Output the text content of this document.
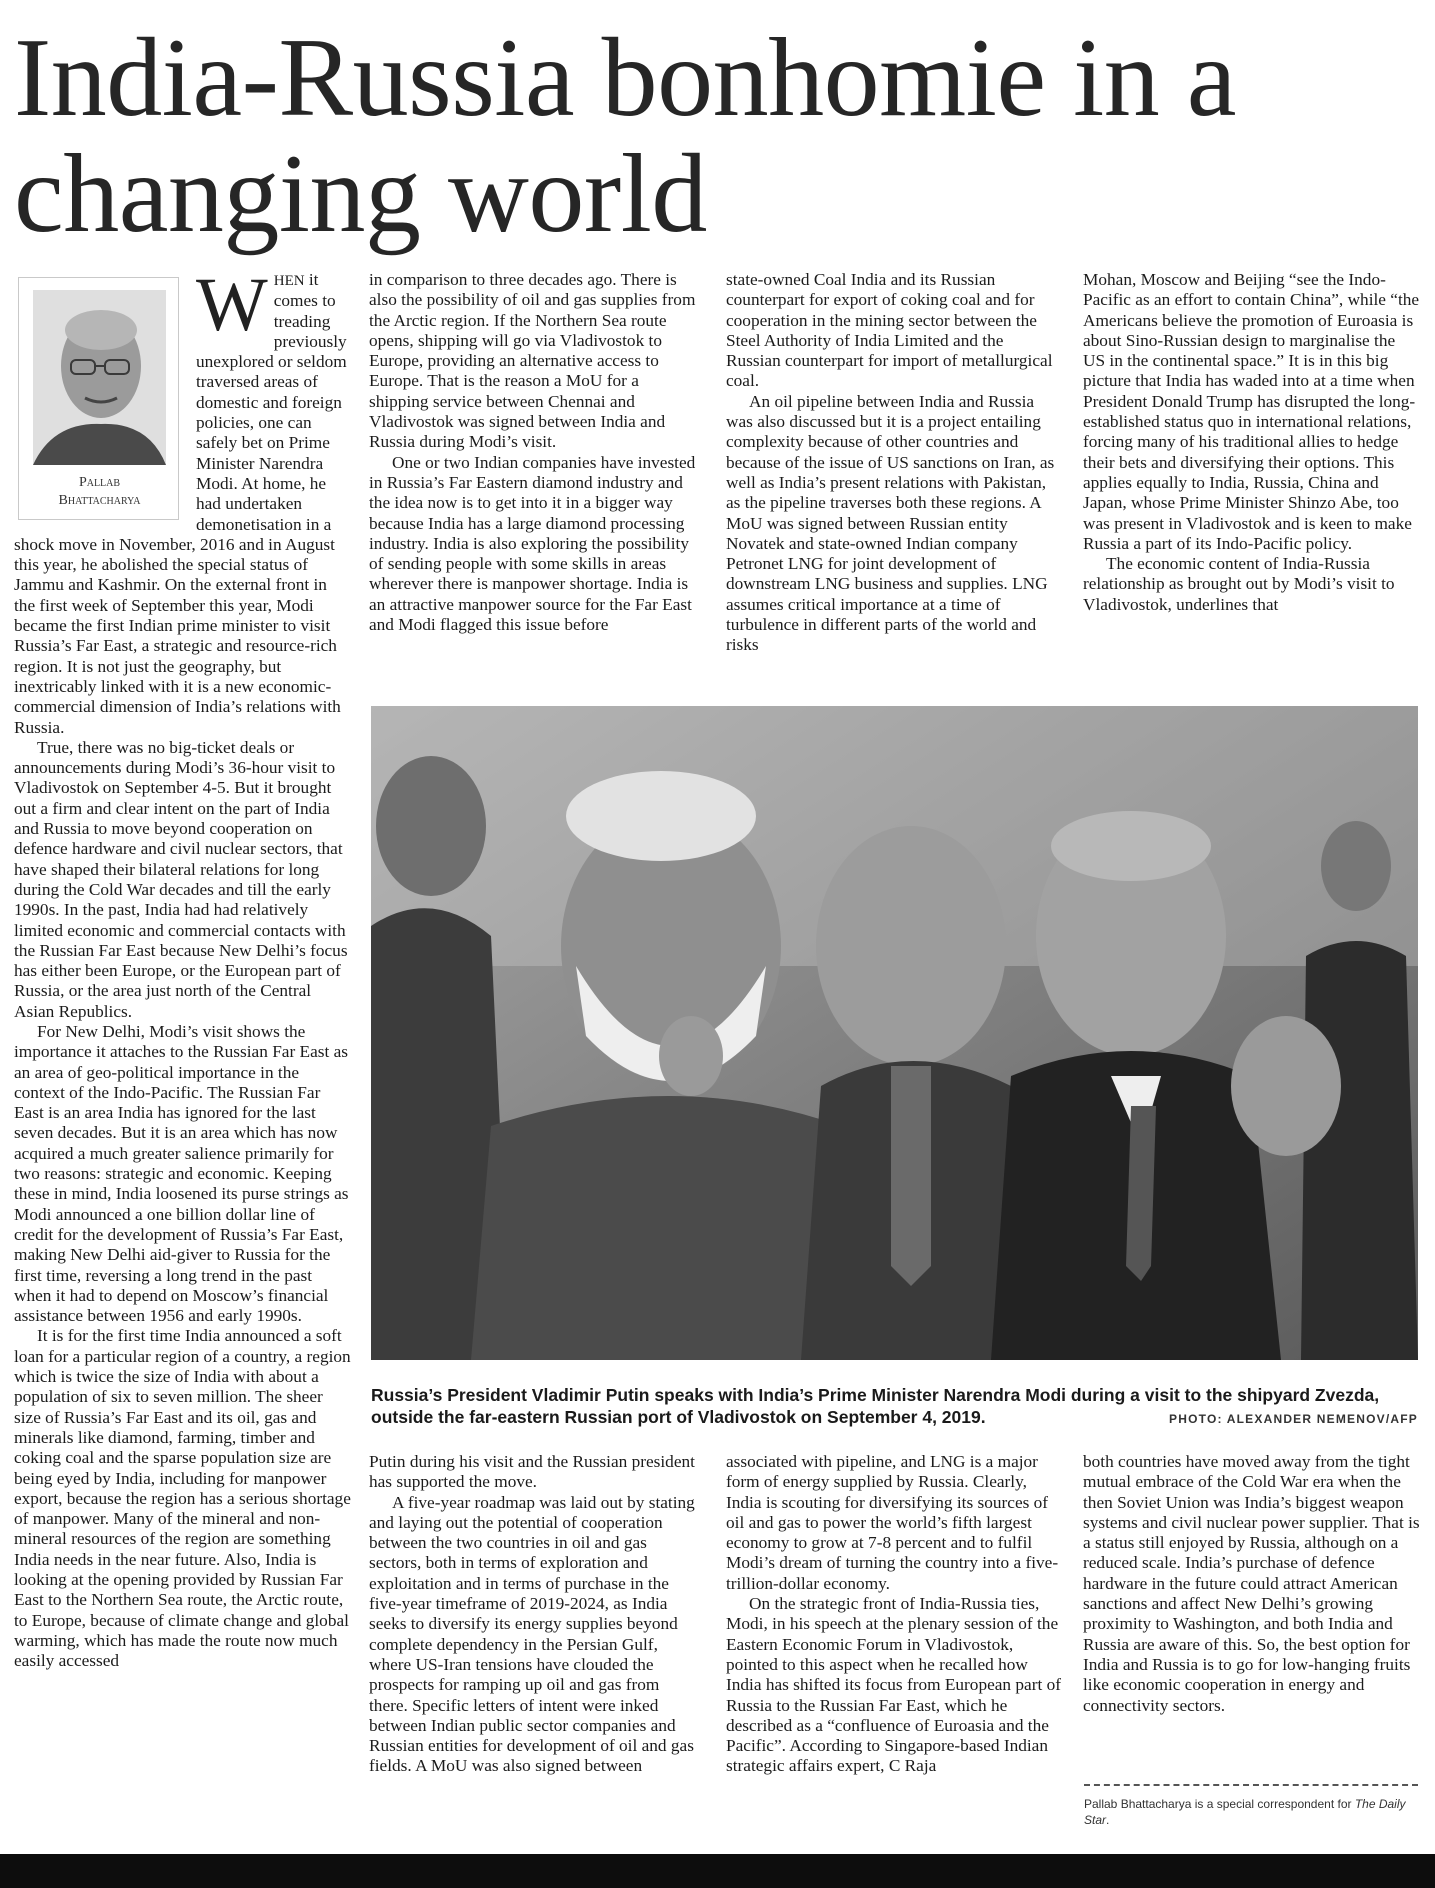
India-Russia bonhomie in a changing world
Pallab
Bhattacharya

WHEN it comes to treading previously unexplored or seldom traversed areas of domestic and foreign policies, one can safely bet on Prime Minister Narendra Modi. At home, he had undertaken demonetisation in a shock move in November, 2016 and in August this year, he abolished the special status of Jammu and Kashmir. On the external front in the first week of September this year, Modi became the first Indian prime minister to visit Russia’s Far East, a strategic and resource-rich region. It is not just the geography, but inextricably linked with it is a new economic-commercial dimension of India’s relations with Russia.

True, there was no big-ticket deals or announcements during Modi’s 36-hour visit to Vladivostok on September 4-5. But it brought out a firm and clear intent on the part of India and Russia to move beyond cooperation on defence hardware and civil nuclear sectors, that have shaped their bilateral relations for long during the Cold War decades and till the early 1990s. In the past, India had had relatively limited economic and commercial contacts with the Russian Far East because New Delhi’s focus has either been Europe, or the European part of Russia, or the area just north of the Central Asian Republics.

For New Delhi, Modi’s visit shows the importance it attaches to the Russian Far East as an area of geo-political importance in the context of the Indo-Pacific. The Russian Far East is an area India has ignored for the last seven decades. But it is an area which has now acquired a much greater salience primarily for two reasons: strategic and economic. Keeping these in mind, India loosened its purse strings as Modi announced a one billion dollar line of credit for the development of Russia’s Far East, making New Delhi aid-giver to Russia for the first time, reversing a long trend in the past when it had to depend on Moscow’s financial assistance between 1956 and early 1990s.

It is for the first time India announced a soft loan for a particular region of a country, a region which is twice the size of India with about a population of six to seven million. The sheer size of Russia’s Far East and its oil, gas and minerals like diamond, farming, timber and coking coal and the sparse population size are being eyed by India, including for manpower export, because the region has a serious shortage of manpower. Many of the mineral and non-mineral resources of the region are something India needs in the near future. Also, India is looking at the opening provided by Russian Far East to the Northern Sea route, the Arctic route, to Europe, because of climate change and global warming, which has made the route now much easily accessed

in comparison to three decades ago. There is also the possibility of oil and gas supplies from the Arctic region. If the Northern Sea route opens, shipping will go via Vladivostok to Europe, providing an alternative access to Europe. That is the reason a MoU for a shipping service between Chennai and Vladivostok was signed between India and Russia during Modi’s visit.

One or two Indian companies have invested in Russia’s Far Eastern diamond industry and the idea now is to get into it in a bigger way because India has a large diamond processing industry. India is also exploring the possibility of sending people with some skills in areas wherever there is manpower shortage. India is an attractive manpower source for the Far East and Modi flagged this issue before

state-owned Coal India and its Russian counterpart for export of coking coal and for cooperation in the mining sector between the Steel Authority of India Limited and the Russian counterpart for import of metallurgical coal.

An oil pipeline between India and Russia was also discussed but it is a project entailing complexity because of other countries and because of the issue of US sanctions on Iran, as well as India’s present relations with Pakistan, as the pipeline traverses both these regions. A MoU was signed between Russian entity Novatek and state-owned Indian company Petronet LNG for joint development of downstream LNG business and supplies. LNG assumes critical importance at a time of turbulence in different parts of the world and risks

Mohan, Moscow and Beijing “see the Indo-Pacific as an effort to contain China”, while “the Americans believe the promotion of Euroasia is about Sino-Russian design to marginalise the US in the continental space.” It is in this big picture that India has waded into at a time when President Donald Trump has disrupted the long-established status quo in international relations, forcing many of his traditional allies to hedge their bets and diversifying their options. This applies equally to India, Russia, China and Japan, whose Prime Minister Shinzo Abe, too was present in Vladivostok and is keen to make Russia a part of its Indo-Pacific policy.

The economic content of India-Russia relationship as brought out by Modi’s visit to Vladivostok, underlines that

Russia’s President Vladimir Putin speaks with India’s Prime Minister Narendra Modi during a visit to the shipyard Zvezda, outside the far-eastern Russian port of Vladivostok on September 4, 2019.	PHOTO: ALEXANDER NEMENOV/AFP

Putin during his visit and the Russian president has supported the move.

A five-year roadmap was laid out by stating and laying out the potential of cooperation between the two countries in oil and gas sectors, both in terms of exploration and exploitation and in terms of purchase in the five-year timeframe of 2019-2024, as India seeks to diversify its energy supplies beyond complete dependency in the Persian Gulf, where US-Iran tensions have clouded the prospects for ramping up oil and gas from there. Specific letters of intent were inked between Indian public sector companies and Russian entities for development of oil and gas fields. A MoU was also signed between

associated with pipeline, and LNG is a major form of energy supplied by Russia. Clearly, India is scouting for diversifying its sources of oil and gas to power the world’s fifth largest economy to grow at 7-8 percent and to fulfil Modi’s dream of turning the country into a five-trillion-dollar economy.

On the strategic front of India-Russia ties, Modi, in his speech at the plenary session of the Eastern Economic Forum in Vladivostok, pointed to this aspect when he recalled how India has shifted its focus from European part of Russia to the Russian Far East, which he described as a “confluence of Euroasia and the Pacific”. According to Singapore-based Indian strategic affairs expert, C Raja

both countries have moved away from the tight mutual embrace of the Cold War era when the then Soviet Union was India’s biggest weapon systems and civil nuclear power supplier. That is a status still enjoyed by Russia, although on a reduced scale. India’s purchase of defence hardware in the future could attract American sanctions and affect New Delhi’s growing proximity to Washington, and both India and Russia are aware of this. So, the best option for India and Russia is to go for low-hanging fruits like economic cooperation in energy and connectivity sectors.

Pallab Bhattacharya is a special correspondent for The Daily Star.
